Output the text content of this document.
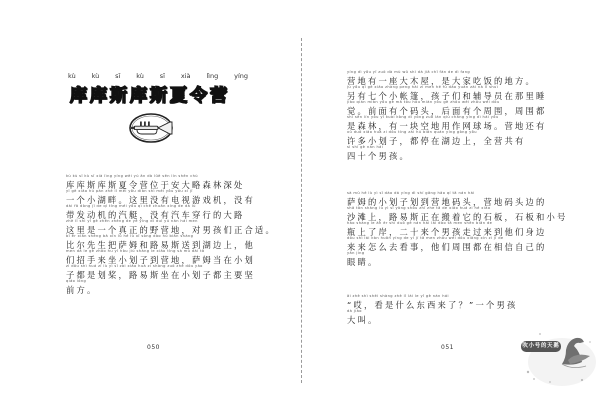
kù kù sī kù sī xià lìng yíng
库库斯库斯夏令营
kù kù sī kù sī xià lìng yíng wèi yú ān dà lüè sēn lín shēn chù
库库斯库斯夏令营位于安大略森林深处
yī gè xiǎo hú pàn zhè lǐ méi yǒu diàn shì méi yǒu yóu xì jī
一个小湖畔。这里没有电视游戏机，没有
dài fā dòng jī de qì tǐng méi yǒu qì chē chuān xíng de dà lù
带发动机的汽艇，没有汽车穿行的大路
zhè lǐ shì yī gè zhēn zhèng de yě yíng dì duì yú nán hái men
这里是一个真正的野营地，对男孩们正合适。
bǐ ěr xiān shēng bǎ xīn lǚ hé lù xī sòng dào hú biān shàng
比尔先生把萨姆和路易斯送到湖边上，他
men dǎ le gè zhāo hu yǐ hòu jiù shàng le xiǎo tǐng sà mǔ dài tā
们招手来坐小划子到营地，萨姆当在小划
zi dōu shì huá zǐ lù yì sī zài xiǎo huá zi shàng zuò zhe dōu yào
子都是划桨，路易斯坐在小划子都主要坚
qiáo lóng
前方。
050
yíng dì yǒu yī zuò dà mù wū shì dà jiā chī fàn de dì fang
营地有一座大木屋，是大家吃饭的地方。
jù yǒu qī gè xiǎo zhàng peng hái zi men hé fǔ dǎo yuán zài nà lǐ shuì
另有七个小帐篷，孩子们和辅导员在那里睡
jiào qián miàn yǒu gè mǎ tóu hòu miàn yǒu gè zhōu wéi zhōu wéi dōu
觉。前面有个码头，后面有个周围，周围都
shì sēn lín yǒu yī kuài kòng dì yòng zuò lán qiú chǎng yíng dì hái yǒu
是森林，有一块空地用作网球场。营地还有
xǔ duō xiǎo huá zi dōu tíng zài hú biān quán yíng gòng yǒu
许多小划子，都停在湖边上，全营共有
sì shí gè nán hái
四十个男孩。
sà mǔ hé lù yì sī dào dá yíng dì shí gāng hǎo qí tā nán hái
萨姆的小划子划到营地码头，营地码头边的
shā tān shàng lù yì sī yòng shǒu zhǐ zhe tā de xiǎo huá zi hé xiǎo
沙滩上，路易斯正在搬着它的石板，石板和小号
hào shàng le àn èr shí duō gè nán hái lái dào tā men shēn biān de
瓶上了岸，二十来个男孩走过来到他们身边
dōu shì lái kàn huān yíng de yí jí tā men zhōu wéi dōu xiāng xìn zì jǐ de
来来怎么去看事，他们周围都在相信自己的
yǎn jing
眼睛。
āi zhè shì shéi shàng zhè lǐ lái le yī gè nán hái
“哎，看是什么东西来了？”一个男孩
dà jiào
大叫。
051	吹小号的天鹅
